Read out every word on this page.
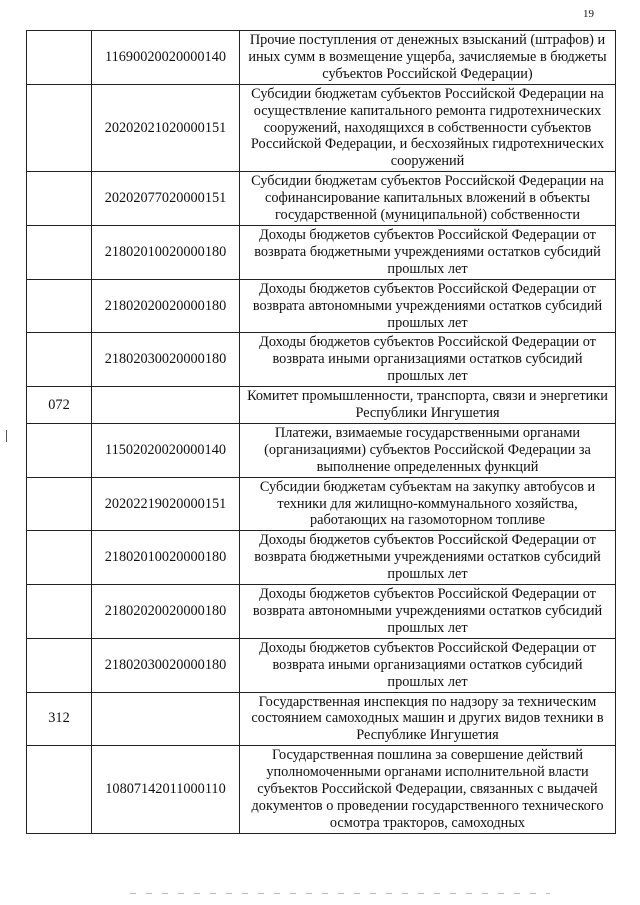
19
	11690020020000140	Прочие поступления от денежных взысканий (штрафов) и иных сумм в возмещение ущерба, зачисляемые в бюджеты субъектов Российской Федерации)
	20202021020000151	Субсидии бюджетам субъектов Российской Федерации на осуществление капитального ремонта гидротехнических сооружений, находящихся в собственности субъектов Российской Федерации, и бесхозяйных гидротехнических сооружений
	20202077020000151	Субсидии бюджетам субъектов Российской Федерации на софинансирование капитальных вложений в объекты государственной (муниципальной) собственности
	21802010020000180	Доходы бюджетов субъектов Российской Федерации от возврата бюджетными учреждениями остатков субсидий прошлых лет
	21802020020000180	Доходы бюджетов субъектов Российской Федерации от возврата автономными учреждениями остатков субсидий прошлых лет
	21802030020000180	Доходы бюджетов субъектов Российской Федерации от возврата иными организациями остатков субсидий прошлых лет
072		Комитет промышленности, транспорта, связи и энергетики Республики Ингушетия
	11502020020000140	Платежи, взимаемые государственными органами (организациями) субъектов Российской Федерации за выполнение определенных функций
	20202219020000151	Субсидии бюджетам субъектам на закупку автобусов и техники для жилищно-коммунального хозяйства, работающих на газомоторном топливе
	21802010020000180	Доходы бюджетов субъектов Российской Федерации от возврата бюджетными учреждениями остатков субсидий прошлых лет
	21802020020000180	Доходы бюджетов субъектов Российской Федерации от возврата автономными учреждениями остатков субсидий прошлых лет
	21802030020000180	Доходы бюджетов субъектов Российской Федерации от возврата иными организациями остатков субсидий прошлых лет
312		Государственная инспекция по надзору за техническим состоянием самоходных машин и других видов техники в Республике Ингушетия
	10807142011000110	Государственная пошлина за совершение действий уполномоченными органами исполнительной власти субъектов Российской Федерации, связанных с выдачей документов о проведении государственного технического осмотра тракторов, самоходных
